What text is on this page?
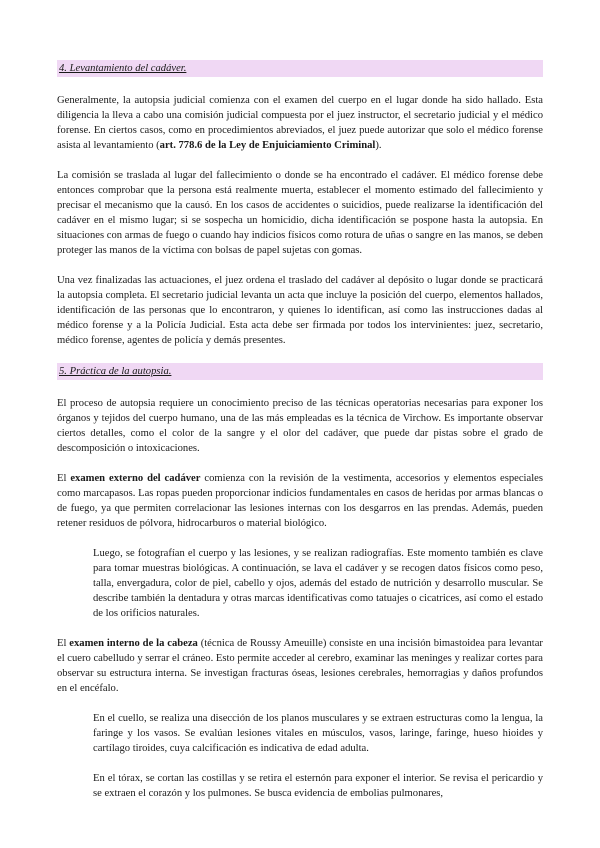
4. Levantamiento del cadáver.

Generalmente, la autopsia judicial comienza con el examen del cuerpo en el lugar donde ha sido hallado. Esta diligencia la lleva a cabo una comisión judicial compuesta por el juez instructor, el secretario judicial y el médico forense. En ciertos casos, como en procedimientos abreviados, el juez puede autorizar que solo el médico forense asista al levantamiento (art. 778.6 de la Ley de Enjuiciamiento Criminal).

La comisión se traslada al lugar del fallecimiento o donde se ha encontrado el cadáver. El médico forense debe entonces comprobar que la persona está realmente muerta, establecer el momento estimado del fallecimiento y precisar el mecanismo que la causó. En los casos de accidentes o suicidios, puede realizarse la identificación del cadáver en el mismo lugar; si se sospecha un homicidio, dicha identificación se pospone hasta la autopsia. En situaciones con armas de fuego o cuando hay indicios físicos como rotura de uñas o sangre en las manos, se deben proteger las manos de la víctima con bolsas de papel sujetas con gomas.

Una vez finalizadas las actuaciones, el juez ordena el traslado del cadáver al depósito o lugar donde se practicará la autopsia completa. El secretario judicial levanta un acta que incluye la posición del cuerpo, elementos hallados, identificación de las personas que lo encontraron, y quienes lo identifican, así como las instrucciones dadas al médico forense y a la Policía Judicial. Esta acta debe ser firmada por todos los intervinientes: juez, secretario, médico forense, agentes de policía y demás presentes.

5. Práctica de la autopsia.

El proceso de autopsia requiere un conocimiento preciso de las técnicas operatorias necesarias para exponer los órganos y tejidos del cuerpo humano, una de las más empleadas es la técnica de Virchow. Es importante observar ciertos detalles, como el color de la sangre y el olor del cadáver, que puede dar pistas sobre el grado de descomposición o intoxicaciones.

El examen externo del cadáver comienza con la revisión de la vestimenta, accesorios y elementos especiales como marcapasos. Las ropas pueden proporcionar indicios fundamentales en casos de heridas por armas blancas o de fuego, ya que permiten correlacionar las lesiones internas con los desgarros en las prendas. Además, pueden retener residuos de pólvora, hidrocarburos o material biológico.

Luego, se fotografían el cuerpo y las lesiones, y se realizan radiografías. Este momento también es clave para tomar muestras biológicas. A continuación, se lava el cadáver y se recogen datos físicos como peso, talla, envergadura, color de piel, cabello y ojos, además del estado de nutrición y desarrollo muscular. Se describe también la dentadura y otras marcas identificativas como tatuajes o cicatrices, así como el estado de los orificios naturales.

El examen interno de la cabeza (técnica de Roussy Ameuille) consiste en una incisión bimastoidea para levantar el cuero cabelludo y serrar el cráneo. Esto permite acceder al cerebro, examinar las meninges y realizar cortes para observar su estructura interna. Se investigan fracturas óseas, lesiones cerebrales, hemorragias y daños profundos en el encéfalo.

En el cuello, se realiza una disección de los planos musculares y se extraen estructuras como la lengua, la faringe y los vasos. Se evalúan lesiones vitales en músculos, vasos, laringe, faringe, hueso hioides y cartílago tiroides, cuya calcificación es indicativa de edad adulta.

En el tórax, se cortan las costillas y se retira el esternón para exponer el interior. Se revisa el pericardio y se extraen el corazón y los pulmones. Se busca evidencia de embolias pulmonares,
